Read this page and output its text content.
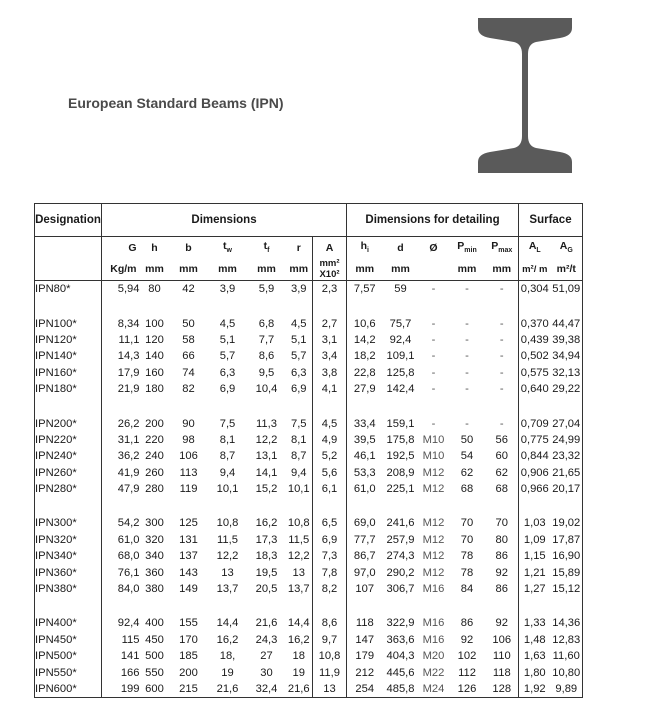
European Standard Beams (IPN)
Designation	Dimensions							Dimensions for detailing					Surface	
	G	h	b	$t_w$	$t_f$	r	A	$h_i$	d	Ø	$P_{min}$	$P_{max}$	$A_L$	$A_G$
	Kg/m	mm	mm	mm	mm	mm	mm² X10²	mm	mm		mm	mm	m²/ m	m²/t
IPN80*	5,94	80	42	3,9	5,9	3,9	2,3	7,57	59	-	-	-	0,304	51,09

IPN100*	8,34	100	50	4,5	6,8	4,5	2,7	10,6	75,7	-	-	-	0,370	44,47
IPN120*	11,1	120	58	5,1	7,7	5,1	3,1	14,2	92,4	-	-	-	0,439	39,38
IPN140*	14,3	140	66	5,7	8,6	5,7	3,4	18,2	109,1	-	-	-	0,502	34,94
IPN160*	17,9	160	74	6,3	9,5	6,3	3,8	22,8	125,8	-	-	-	0,575	32,13
IPN180*	21,9	180	82	6,9	10,4	6,9	4,1	27,9	142,4	-	-	-	0,640	29,22

IPN200*	26,2	200	90	7,5	11,3	7,5	4,5	33,4	159,1	-	-	-	0,709	27,04
IPN220*	31,1	220	98	8,1	12,2	8,1	4,9	39,5	175,8	M10	50	56	0,775	24,99
IPN240*	36,2	240	106	8,7	13,1	8,7	5,2	46,1	192,5	M10	54	60	0,844	23,32
IPN260*	41,9	260	113	9,4	14,1	9,4	5,6	53,3	208,9	M12	62	62	0,906	21,65
IPN280*	47,9	280	119	10,1	15,2	10,1	6,1	61,0	225,1	M12	68	68	0,966	20,17

IPN300*	54,2	300	125	10,8	16,2	10,8	6,5	69,0	241,6	M12	70	70	1,03	19,02
IPN320*	61,0	320	131	11,5	17,3	11,5	6,9	77,7	257,9	M12	70	80	1,09	17,87
IPN340*	68,0	340	137	12,2	18,3	12,2	7,3	86,7	274,3	M12	78	86	1,15	16,90
IPN360*	76,1	360	143	13	19,5	13	7,8	97,0	290,2	M12	78	92	1,21	15,89
IPN380*	84,0	380	149	13,7	20,5	13,7	8,2	107	306,7	M16	84	86	1,27	15,12

IPN400*	92,4	400	155	14,4	21,6	14,4	8,6	118	322,9	M16	86	92	1,33	14,36
IPN450*	115	450	170	16,2	24,3	16,2	9,7	147	363,6	M16	92	106	1,48	12,83
IPN500*	141	500	185	18,	27	18	10,8	179	404,3	M20	102	110	1,63	11,60
IPN550*	166	550	200	19	30	19	11,9	212	445,6	M22	112	118	1,80	10,80
IPN600*	199	600	215	21,6	32,4	21,6	13	254	485,8	M24	126	128	1,92	9,89
